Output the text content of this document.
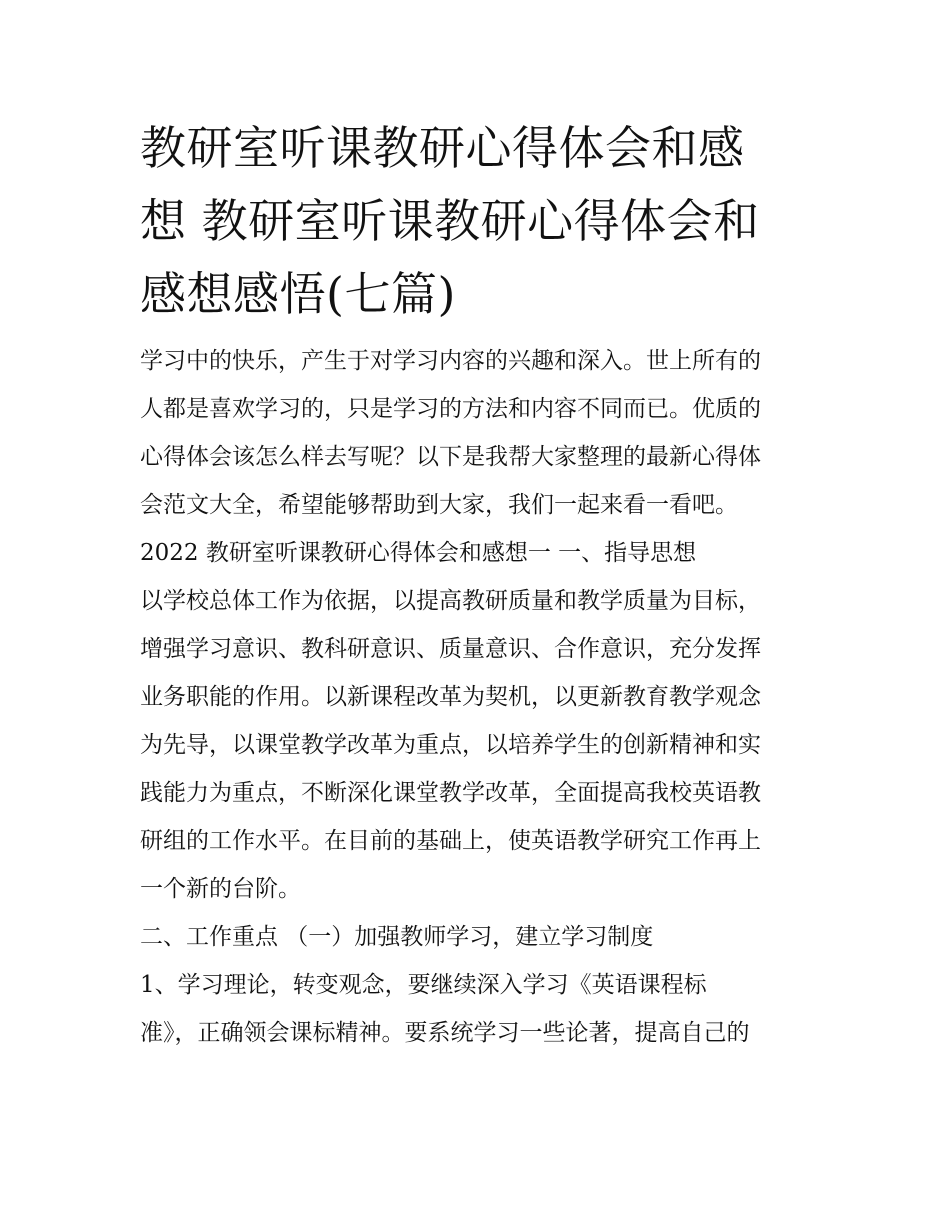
教研室听课教研心得体会和感
想 教研室听课教研心得体会和
感想感悟(七篇)
学习中的快乐，产生于对学习内容的兴趣和深入。世上所有的
人都是喜欢学习的，只是学习的方法和内容不同而已。优质的
心得体会该怎么样去写呢？以下是我帮大家整理的最新心得体
会范文大全，希望能够帮助到大家，我们一起来看一看吧。
2022 教研室听课教研心得体会和感想一 一、指导思想
以学校总体工作为依据，以提高教研质量和教学质量为目标，
增强学习意识、教科研意识、质量意识、合作意识，充分发挥
业务职能的作用。以新课程改革为契机，以更新教育教学观念
为先导，以课堂教学改革为重点，以培养学生的创新精神和实
践能力为重点，不断深化课堂教学改革，全面提高我校英语教
研组的工作水平。在目前的基础上，使英语教学研究工作再上
一个新的台阶。
二、工作重点 （一）加强教师学习，建立学习制度
1、学习理论，转变观念，要继续深入学习《英语课程标
准》，正确领会课标精神。要系统学习一些论著，提高自己的
